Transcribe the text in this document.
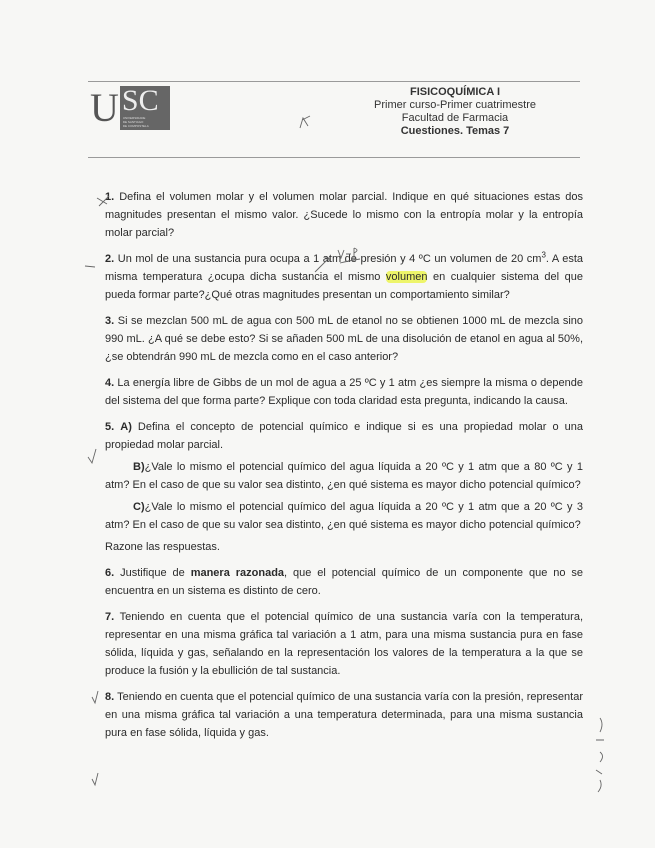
U SC
UNIVERSIDADE
DE SANTIAGO
DE COMPOSTELA
FISICOQUÍMICA I
Primer curso-Primer cuatrimestre
Facultad de Farmacia
Cuestiones. Temas 7

1. Defina el volumen molar y el volumen molar parcial. Indique en qué situaciones estas dos magnitudes presentan el mismo valor. ¿Sucede lo mismo con la entropía molar y la entropía molar parcial?

2. Un mol de una sustancia pura ocupa a 1 atm de presión y 4 ºC un volumen de 20 $cm^3$. A esta misma temperatura ¿ocupa dicha sustancia el mismo volumen en cualquier sistema del que pueda formar parte?¿Qué otras magnitudes presentan un comportamiento similar?

3. Si se mezclan 500 mL de agua con 500 mL de etanol no se obtienen 1000 mL de mezcla sino 990 mL. ¿A qué se debe esto? Si se añaden 500 mL de una disolución de etanol en agua al 50%, ¿se obtendrán 990 mL de mezcla como en el caso anterior?

4. La energía libre de Gibbs de un mol de agua a 25 ºC y 1 atm ¿es siempre la misma o depende del sistema del que forma parte? Explique con toda claridad esta pregunta, indicando la causa.

5. A) Defina el concepto de potencial químico e indique si es una propiedad molar o una propiedad molar parcial.

B)¿Vale lo mismo el potencial químico del agua líquida a 20 ºC y 1 atm que a 80 ºC y 1 atm? En el caso de que su valor sea distinto, ¿en qué sistema es mayor dicho potencial químico?

C)¿Vale lo mismo el potencial químico del agua líquida a 20 ºC y 1 atm que a 20 ºC y 3 atm? En el caso de que su valor sea distinto, ¿en qué sistema es mayor dicho potencial químico?

Razone las respuestas.

6. Justifique de manera razonada, que el potencial químico de un componente que no se encuentra en un sistema es distinto de cero.

7. Teniendo en cuenta que el potencial químico de una sustancia varía con la temperatura, representar en una misma gráfica tal variación a 1 atm, para una misma sustancia pura en fase sólida, líquida y gas, señalando en la representación los valores de la temperatura a la que se produce la fusión y la ebullición de tal sustancia.

8. Teniendo en cuenta que el potencial químico de una sustancia varía con la presión, representar en una misma gráfica tal variación a una temperatura determinada, para una misma sustancia pura en fase sólida, líquida y gas.
